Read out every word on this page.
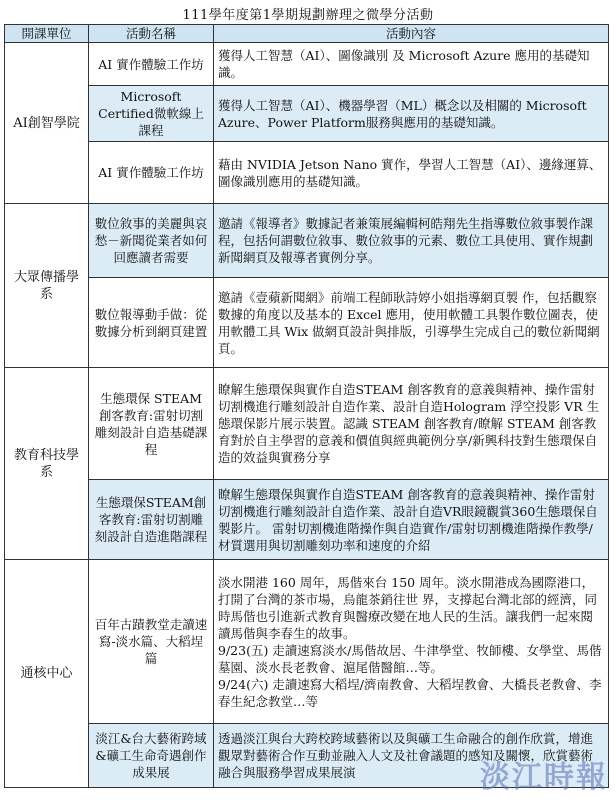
111學年度第1學期規劃辦理之微學分活動
開課單位	活動名稱	活動內容
AI創智學院	AI 實作體驗工作坊	獲得人工智慧（AI）、圖像識別 及 Microsoft Azure 應用的基礎知識。
	Microsoft Certified微軟線上課程	獲得人工智慧（AI）、機器學習（ML）概念以及相關的 Microsoft Azure、Power Platform服務與應用的基礎知識。
	AI 實作體驗工作坊	藉由 NVIDIA Jetson Nano 實作，學習人工智慧（AI）、邊緣運算、圖像識別應用的基礎知識。
大眾傳播學系	數位敘事的美麗與哀愁－新聞從業者如何回應讀者需要	邀請《報導者》數據記者兼策展編輯柯皓翔先生指導數位敘事製作課程，包括何謂數位敘事、數位敘事的元素、數位工具使用、實作規劃新聞網頁及報導者實例分享。
	數位報導動手做：從數據分析到網頁建置	邀請《壹蘋新聞網》前端工程師耿詩婷小姐指導網頁製 作，包括觀察數據的角度以及基本的 Excel 應用，使用軟體工具製作數位圖表，使用軟體工具 Wix 做網頁設計與排版，引導學生完成自己的數位新聞網頁。
教育科技學系	生態環保 STEAM 創客教育:雷射切割雕刻設計自造基礎課程	瞭解生態環保與實作自造STEAM 創客教育的意義與精神、操作雷射切割機進行雕刻設計自造作業、設計自造Hologram 浮空投影 VR 生態環保影片展示裝置。認識 STEAM 創客教育/瞭解 STEAM 創客教育對於自主學習的意義和價值與經典範例分享/新興科技對生態環保自造的效益與實務分享
	生態環保STEAM創客教育:雷射切割雕刻設計自造進階課程	瞭解生態環保與實作自造STEAM 創客教育的意義與精神、操作雷射切割機進行雕刻設計自造作業、設計自造VR眼鏡觀賞360生態環保自製影片。 雷射切割機進階操作與自造實作/雷射切割機進階操作教學/材質選用與切割雕刻功率和速度的介紹
通核中心	百年古蹟教堂走讀速寫-淡水篇、大稻埕篇	淡水開港 160 周年，馬偕來台 150 周年。淡水開港成為國際港口，打開了台灣的茶市場，烏龍茶銷往世 界，支撐起台灣北部的經濟，同時馬偕也引進新式教育與醫療改變在地人民的生活。讓我們一起來閱讀馬偕與李春生的故事。
9/23(五) 走讀速寫淡水/馬偕故居、牛津學堂、牧師樓、女學堂、馬偕墓園、淡水長老教會、滬尾偕醫館…等。
9/24(六) 走讀速寫大稻埕/濟南教會、大稻埕教會、大橋長老教會、李春生紀念教堂…等

	淡江&台大藝術跨域&礦工生命奇遇創作成果展	透過淡江與台大跨校跨域藝術以及與礦工生命融合的創作欣賞，增進觀眾對藝術合作互動並融入人文及社會議題的感知及關懷，欣賞藝術融合與服務學習成果展演	淡江時報
